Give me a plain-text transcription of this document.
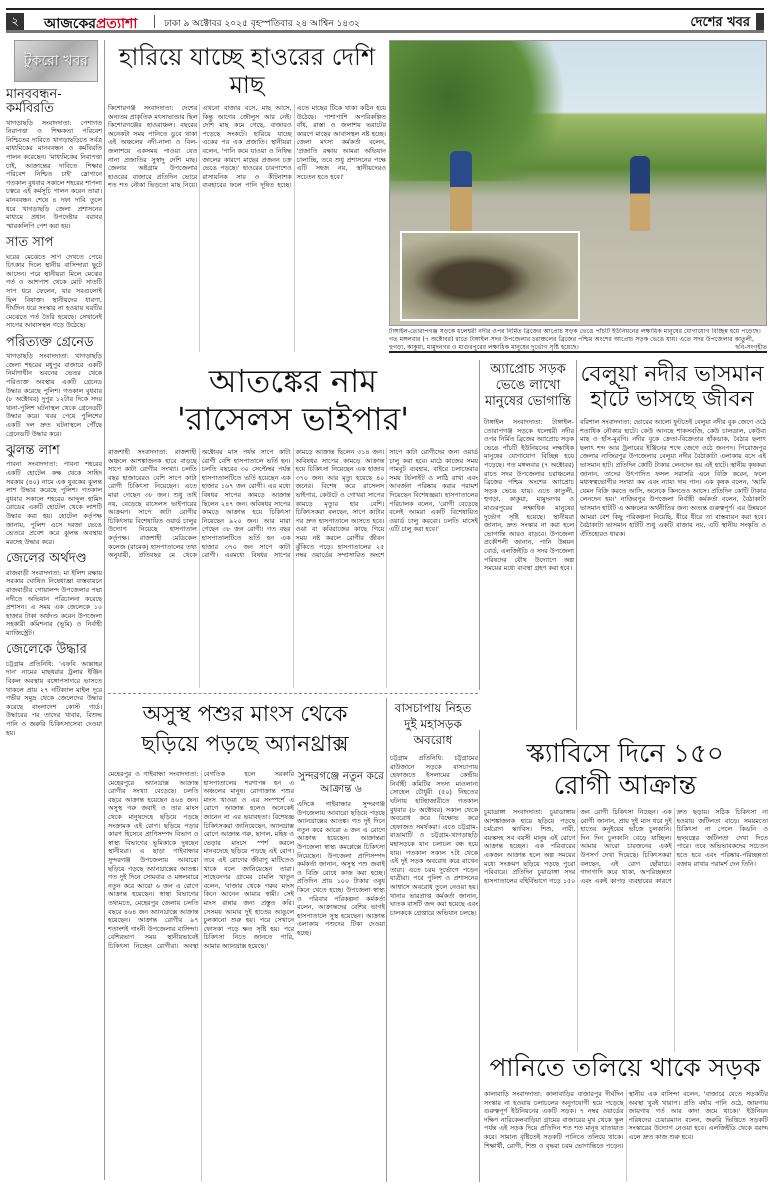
২	আজকেরপ্রত্যাশা	ঢাকা ৯ অক্টোবর ২০২৫ বৃহস্পতিবার ২৪ আশ্বিন ১৪৩২	দেশের খবর
টুকরো খবর
মানববন্ধন-কর্মবিরতি
খাগড়াছড়ি সংবাদদাতা: পেশাগত নিরাপত্তা ও শিক্ষকতা পরিবেশ নিশ্চিতের দাবিতে খাগড়াছড়িতে সর্বত্র মাধ্যমিকের মানববন্ধন ও কর্মবিরতি পালন করেছেন। 'মাধ্যমিকের নিরাপত্তা চাই, আক্রান্তের দাবিতে শিক্ষার পরিবেশ নিশ্চিত চাই' স্লোগানে গতকাল বুধবার সকালে শহরের শাপলা চত্বরে এই কর্মসূচি পালন করেন তারা। মানববন্ধন শেষে ৪ দফা দাবি তুলে ধরে খাগড়াছড়ি জেলা প্রশাসনের মাধ্যমে প্রধান উপদেষ্টার বরাবর স্মারকলিপি পেশ করা হয়।
সাত সাপ
ঘরের মেঝেতে সাপ দেখতে পেয়ে চিৎকার দিলে স্থানীয় বাসিন্দারা ছুটে আসেন। পরে স্থানীয়রা মিলে মেঝের গর্ত ও আশপাশ থেকে মোট সাতটি সাপ ধরে ফেলেন, যার সবগুলোই ছিল বিষাক্ত। স্থানীয়দের ধারণা, দীর্ঘদিন ধরে সংস্কার না হওয়ায় ঘরটির মেঝেতে গর্ত তৈরি হয়েছে। সেখানেই সাপের আবাসস্থল গড়ে উঠেছে।
পরিত্যক্ত গ্রেনেড
খাগড়াছড়ি সংবাদদাতা: খাগড়াছড়ি জেলা শহরের মধুপুর বাজারে একটি নির্মাণাধীন ভবনের ভেতর থেকে পরিত্যক্ত অবস্থায় একটি গ্রেনেড উদ্ধার করেছে পুলিশ। গতকাল বুধবার (৮ অক্টোবর) দুপুর ১২টার দিকে সদর থানা-পুলিশ ঘটনাস্থল থেকে গ্রেনেডটি উদ্ধার করে। খবর পেয়ে পুলিশের একটি দল দ্রুত ঘটনাস্থলে পৌঁছে গ্রেনেডটি উদ্ধার করে।
ঝুলন্ত লাশ
পাবনা সংবাদদাতা: পাবনা শহরের একটি হোটেল কক্ষ থেকে সাহিদ সরকার (৪০) নামে এক যুবকের ঝুলন্ত লাশ উদ্ধার করেছে পুলিশ। গতকাল বুধবার সকালে শহরের আব্দুল হামিদ রোডের একটি হোটেল থেকে লাশটি উদ্ধার করা হয়। হোটেল কর্তৃপক্ষ জানায়, পুলিশ এসে দরজা ভেঙে ভেতরে প্রবেশ করে ঝুলন্ত অবস্থায় মরদেহ উদ্ধার করে।
জেলের অর্থদণ্ড
রাজবাড়ী সংবাদদাতা: মা ইলিশ রক্ষায় সরকার ঘোষিত নিষেধাজ্ঞা বাস্তবায়নে রাজবাড়ীর গোয়ালন্দ উপজেলার পদ্মা নদীতে অভিযান পরিচালনা করেছে প্রশাসন। এ সময় এক জেলেকে ১০ হাজার টাকা অর্থদণ্ড করেন উপজেলা সহকারী কমিশনার (ভূমি) ও নির্বাহী ম্যাজিস্ট্রেট।
জেলেকে উদ্ধার
চট্টগ্রাম প্রতিনিধি: 'এফবি আল্লাহর দান' নামের মাছধরার ট্রলার ইঞ্জিন বিকল অবস্থায় বঙ্গোপসাগরে ভাসতে থাকলে প্রায় ২৭ নটিক্যাল মাইল দূরে গভীর সমুদ্র থেকে জেলেদের উদ্ধার করেছে বাংলাদেশ কোস্ট গার্ড। উদ্ধারের পর তাদের খাবার, বিশুদ্ধ পানি ও জরুরি চিকিৎসাসেবা দেওয়া হয়।
হারিয়ে যাচ্ছে হাওরের দেশি মাছ
কিশোরগঞ্জ সংবাদদাতা: দেশের অন্যতম প্রাকৃতিক মৎস্যভাণ্ডার ছিল কিশোরগঞ্জের হাওরাঞ্চল। বছরের অনেকটা সময় পানিতে ডুবে থাকা এই অঞ্চলের নদী-নালা ও বিল-জলাশয়ে একসময় পাওয়া যেত নানা প্রজাতির সুস্বাদু দেশি মাছ। জেলার অষ্টগ্রাম উপজেলার হাওরের বাজারে প্রতিদিন ভোরে শত শত নৌকা ভিড়তো মাছ নিয়ে। এখনো বাজার বসে, মাছ আসে, কিন্তু আগের জৌলুস আর নেই। দেশি মাছ কমে গেছে, বাজারও পড়েছে সংকটে। হারিয়ে যাচ্ছে একের পর এক প্রজাতি। স্থানীয়রা বলেন, 'পানি কমে যাওয়া ও নিষিদ্ধ জালের কারণে মাছের প্রজনন চক্র ভেঙে পড়ছে।' হাওরের চারপাশেও রাসায়নিক সার ও কীটনাশক ব্যবহারের ফলে পানি দূষিত হচ্ছে। এতে মাছের টিকে থাকা কঠিন হয়ে উঠেছে। পাশাপাশি অপরিকল্পিত বাঁধ, রাস্তা ও জলাশয় ভরাটের কারণে মাছের আবাসস্থল নষ্ট হচ্ছে। জেলা মৎস্য কর্মকর্তা বলেন, 'প্রজাতি রক্ষায় আমরা অভিযান চালাচ্ছি, তবে শুধু প্রশাসনের পক্ষে এটি সহজ নয়, স্থানীয়দেরও সচেতন হতে হবে।'
টাঙ্গাইল-তোরাপগঞ্জ সড়কে ধলেশ্বরী নদীর ওপর নির্মিত ব্রিজের আপ্রোচ সড়ক ভেঙে পাঁচটি ইউনিয়নের লক্ষাধিক মানুষের যোগাযোগ বিচ্ছিন্ন হয়ে পড়েছে। গত মঙ্গলবার (৭ অক্টোবর) রাতে টাঙ্গাইল সদর উপজেলার চরাঞ্চলের ব্রিজের পশ্চিম অংশের আপ্রোচ সড়ক ভেঙে যায়। এতে সদর উপজেলার কাতুলী, হুগড়া, কাকুয়া, মামুদনগর ও মাগুরপুরের লক্ষাধিক মানুষের দুর্ভোগ সৃষ্টি হয়েছে।	ছবি-সংগৃহীত
আতঙ্কের নাম
'রাসেলস ভাইপার'
রাজশাহী সংবাদদাতা: রাজশাহী অঞ্চলে আশঙ্কাজনক হারে বাড়ছে সাপে কাটা রোগীর সংখ্যা। চলতি বছর হাজারেরও বেশি সাপে কাটা রোগী চিকিৎসা নিয়েছেন। এতে মারা গেছেন ৩৮ জন। শুধু তাই নয়, বেড়েছে রাসেলস ভাইপারের আক্রমণ। সাপে কাটা রোগীর চিকিৎসায় বিশেষায়িত ওয়ার্ড চালুর উদ্যোগ নিয়েছে হাসপাতাল কর্তৃপক্ষ। রাজশাহী মেডিকেল কলেজ (রামেক) হাসপাতালের তথ্য অনুযায়ী, প্রতিবছর মে থেকে অক্টোবর মাস পর্যন্ত সাপে কাটা রোগী বেশি হাসপাতালে ভর্তি হন। চলতি বছরের ৩০ সেপ্টেম্বর পর্যন্ত হাসপাতালটিতে ভর্তি হয়েছেন এক হাজার ১৬৭ জন রোগী। এর মধ্যে বিষধর সাপের কামড়ে আক্রান্ত ছিলেন ২৪৭ জন। অবিষধর সাপের কামড়ে আক্রান্ত হয়ে চিকিৎসা নিয়েছেন ৯২০ জন। আর মারা গেছেন ৩৮ জন রোগী। গত বছর হাসপাতালটিতে ভর্তি হন এক হাজার ৩৭০ জন সাপে কাটা রোগী। এরমধ্যে বিষধর সাপের কামড়ে আক্রান্ত ছিলেন ৩১৪ জন। অবিষধর সাপের কামড়ে আক্রান্ত হয়ে চিকিৎসা নিয়েছেন এক হাজার ৩৭০ জন। আর মৃত্যু হয়েছে ৪০ জনের। বিশেষ করে রাসেলস ভাইপার, কেউটে ও গোখরা সাপের কামড়ে মৃত্যুর হার বেশি। চিকিৎসকরা বলছেন, সাপে কাটার পর দ্রুত হাসপাতালে আসতে হবে। ওঝা বা কবিরাজের কাছে গিয়ে সময় নষ্ট করলে রোগীর জীবন ঝুঁকিতে পড়ে। হাসপাতালের ২৫ নম্বর ওয়ার্ডের সম্প্রসারিত অংশে সাপে কাটা রোগীদের জন্য ওয়ার্ড চালু করা হবে। মাঠে কাজের সময় গামবুট ব্যবহার, বাইরে চলাফেরার সময় টর্চলাইট ও লাঠি রাখা এবং আবর্জনা পরিষ্কার করার পরামর্শ দিয়েছেন বিশেষজ্ঞরা। হাসপাতালের পরিচালক বলেন, 'রোগী বেড়েছে বলেই আমরা একটি বিশেষায়িত ওয়ার্ড চালু করবো। চলতি মাসেই এটি চালু করা হবে।'
অ্যাপ্রোচ সড়ক ভেঙে লাখো মানুষের ভোগান্তি
টাঙ্গাইল সংবাদদাতা: টাঙ্গাইল-তোরাপগঞ্জ সড়কে ধলেশ্বরী নদীর ওপর নির্মিত ব্রিজের অ্যাপ্রোচ সড়ক ভেঙে পাঁচটি ইউনিয়নের লক্ষাধিক মানুষের যোগাযোগ বিচ্ছিন্ন হয়ে পড়েছে। গত মঙ্গলবার (৭ অক্টোবর) রাতে সদর উপজেলার চরাঞ্চলের ব্রিজের পশ্চিম অংশের অ্যাপ্রোচ সড়ক ভেঙে যায়। এতে কাতুলী, হুগড়া, কাকুয়া, মামুদনগর ও মাগুরপুরের লক্ষাধিক মানুষের দুর্ভোগ সৃষ্টি হয়েছে। স্থানীয়রা জানান, দ্রুত সংস্কার না করা হলে ভোগান্তি আরও বাড়বে। উপজেলা প্রকৌশলী জানান, পানি উন্নয়ন বোর্ড, এলজিইডি ও সদর উপজেলা পরিষদের যৌথ উদ্যোগে অল্প সময়ের মধ্যে ব্যবস্থা গ্রহণ করা হবে।
বেলুয়া নদীর ভাসমান হাটে ভাসছে জীবন
বরিশাল সংবাদদাতা: ভোরের আলো ফুটতেই বেলুয়া নদীর বুক জেগে ওঠে শতাধিক নৌকার হাটে। কেউ আনছে শাকসবজি, কেউ চালডাল, কেউবা মাছ ও হাঁস-মুরগি। নদীর বুকে ক্রেতা-বিক্রেতার হাঁকডাক, বৈঠার ছলাৎ ছলাৎ শব্দ আর ট্রলারের ইঞ্জিনের শব্দে জেগে ওঠে জনপদ। পিরোজপুর জেলার নাজিরপুর উপজেলার বেলুয়া নদীর বৈঠাকাটা এলাকায় বসে এই ভাসমান হাট। প্রতিদিন কোটি টাকার লেনদেন হয় এই হাটে। স্থানীয় কৃষকরা জানান, তাদের উৎপাদিত ফসল সরাসরি এনে বিক্রি করেন, ফলে মধ্যস্বত্বভোগীর সংখ্যা কম এবং ন্যায্য দাম পান। এক কৃষক বলেন, 'আমি যেমন বিক্রি করতে আসি, অনেকে কিনতেও আসে। প্রতিদিন কোটি টাকার লেনদেন হয়।' নাজিরপুর উপজেলা নির্বাহী কর্মকর্তা বলেন, বৈঠাকাটা ভাসমান হাটটি এ অঞ্চলের অর্থনীতির জন্য অত্যন্ত গুরুত্বপূর্ণ। এর উন্নয়নে আমরা বেশ কিছু পরিকল্পনা নিয়েছি, ধীরে ধীরে তা বাস্তবায়ন করা হবে। বৈঠাকাটা ভাসমান হাটটি শুধু একটি বাজার নয়, এটি স্থানীয় সংস্কৃতি ও ঐতিহ্যেরও ধারক।
অসুস্থ পশুর মাংস থেকে
ছড়িয়ে পড়ছে অ্যানথ্রাক্স
মেহেরপুর ও গাইবান্ধা সংবাদদাতা: মেহেরপুরে অ্যানথ্রাক্স আক্রান্ত রোগীর সংখ্যা বেড়েছে। চলতি বছরে আক্রান্ত হয়েছেন ৪৬৪ জন। অসুস্থ গরু জবাই ও তার মাংস থেকে মানুষদেহে ছড়িয়ে পড়ছে সংক্রামক এই রোগ। ছড়িয়ে পড়ার কারণ হিসেবে প্রাণিসম্পদ বিভাগ ও স্বাস্থ্য বিভাগের ভূমিকাকে দুষছেন স্থানীয়রা। এ ছাড়া গাইবান্ধার সুন্দরগঞ্জ উপজেলায় আবারো ছড়িয়ে পড়ছে অ্যানথ্রাক্সের আতঙ্ক। গত দুই দিনে সোমবার ও মঙ্গলবারে নতুন করে আরো ৬ জন এ রোগে আক্রান্ত হয়েছেন। স্বাস্থ্য বিভাগের তথ্যমতে, মেহেরপুর জেলায় চলতি বছরে ৪৬৪ জন অ্যানথ্রাক্সে আক্রান্ত হয়েছেন। আক্রান্ত রোগীর ৯৭ শতাংশই গাংনী উপজেলার বাসিন্দা। বেশিরভাগ সময় স্থানীয়ভাবেই চিকিৎসা নিচ্ছেন রোগীরা। অবস্থা বেগতিক হলে সরকারি হাসপাতালের শরণাপন্ন হন এ অঞ্চলের মানুষ। রোগাক্রান্ত পশুর মাংস খাওয়া ও এর সংস্পর্শে এ রোগে আক্রান্ত হলেও অনেকেই জানেন না এর ভয়াবহতা। বিশেষজ্ঞ চিকিৎসকরা জানিয়েছেন, অ্যানথ্রাক্স রোগে আক্রান্ত গরু, ছাগল, মহিষ ও ভেড়ার মাংসে স্পর্শ করলে মানবদেহে ছড়িয়ে পড়ছে এই রোগ। তবে এই রোগের জীবাণু মাটিতেও থাকে বলে জানিয়েছেন তারা। সাহেবনগর গ্রামের চামলি খাতুন বলেন, 'বাজার থেকে গরুর মাংস কিনে আনেন আমার স্বামী। সেই মাংস রান্নার জন্য প্রস্তুত করি। সেসময় আমার দুই হাতের আঙুলে চুলকানো শুরু হয়। পরে সেখানে ফোসকা পড়ে ক্ষত সৃষ্টি হয়। পরে চিকিৎসা নিতে জানতে পারি, আমার অ্যানথ্রাক্স হয়েছে।'
সুন্দরগঞ্জে নতুন করে আক্রান্ত ৬
এদিকে গাইবান্ধার সুন্দরগঞ্জ উপজেলায় আবারো ছড়িয়ে পড়ছে অ্যানথ্রাক্সের আতঙ্ক। গত দুই দিনে নতুন করে আরো ৬ জন এ রোগে আক্রান্ত হয়েছেন। আক্রান্তরা উপজেলা স্বাস্থ্য কমপ্লেক্সে চিকিৎসা নিয়েছেন। উপজেলা প্রাণিসম্পদ কর্মকর্তা জানান, অসুস্থ পশু জবাই ও বিক্রি রোধে কাজ করা হচ্ছে। প্রতিদিন প্রায় ১০০ টাকার ওষুধ কিনে খেতে হচ্ছে। উপজেলা স্বাস্থ্য ও পরিবার পরিকল্পনা কর্মকর্তা বলেন, আক্রান্তদের বেশির ভাগই হাসপাতালে সুস্থ হয়েছেন। আক্রান্ত এলাকায় পশুদের টিকা দেওয়া হচ্ছে।
বাসচাপায় নিহত দুই মহাসড়ক অবরোধ
চট্টগ্রাম প্রতিনিধি: চট্টগ্রামের রাউজানে সড়কে বাসচাপায় হেফাজতে ইসলামের কেন্দ্রীয় নির্বাহী কমিটির সদস্য মাওলানা সোহেল চৌধুরী (৫০) নিহতের ঘটনায় হাটহাজারীতে গতকাল বুধবার (৮ অক্টোবর) সকাল থেকে অবরোধ করে বিক্ষোভ করে হেফাজত সমর্থকরা। এতে চট্টগ্রাম-রাঙামাটি ও চট্টগ্রাম-খাগড়াছড়ি মহাসড়কে যান চলাচল বন্ধ হয়ে যায়। গতকাল সকাল ৭টা থেকে এই দুই সড়ক অবরোধ করে রাখেন তারা। এতে চরম দুর্ভোগে পড়েন যাত্রীরা। পরে পুলিশ ও প্রশাসনের আশ্বাসে অবরোধ তুলে নেওয়া হয়। থানার ভারপ্রাপ্ত কর্মকর্তা জানান, ঘাতক বাসটি জব্দ করা হয়েছে এবং চালককে গ্রেপ্তারে অভিযান চলছে।
স্ক্যাবিসে দিনে ১৫০
রোগী আক্রান্ত
চুয়াডাঙ্গা সংবাদদাতা: চুয়াডাঙ্গায় আশঙ্কাজনক হারে ছড়িয়ে পড়ছে চর্মরোগ স্ক্যাবিস। শিশু, নারী, বয়স্কসহ সব বয়সী মানুষ এই রোগে আক্রান্ত হচ্ছেন। এক পরিবারের একজন আক্রান্ত হলে অল্প সময়ের মধ্যে সংক্রমণ ছড়িয়ে পড়ছে পুরো পরিবারে। প্রতিদিন চুয়াডাঙ্গা সদর হাসপাতালের বহির্বিভাগে গড়ে ১৫০ জন রোগী চিকিৎসা নিচ্ছেন। এক রোগী জানান, প্রায় দুই মাস ধরে দুই হাতের কনুইয়ের ভাঁজে চুলকানি। দিন দিন চুলকানি বেড়ে যাচ্ছিল। আমার আরো চারজনের একই উপসর্গ দেখা দিয়েছে। চিকিৎসকরা বলছেন, এই রোগ ছোঁয়াচে। গাদাগাদি করে থাকা, অপরিচ্ছন্নতা এবং একই কাপড় ব্যবহারের কারণে দ্রুত ছড়ায়। সঠিক চিকিৎসা না হওয়ায় জটিলতা বাড়ে। সময়মতো চিকিৎসা না পেলে কিডনি ও হৃদ্‌যন্ত্রের জটিলতা দেখা দিতে পারে। তবে অভিভাবকদের সচেতন হতে হবে এবং পরিষ্কার-পরিচ্ছন্নতা বজায় রাখার পরামর্শ দেন তিনি।
পানিতে তলিয়ে থাকে সড়ক
কালাবাড়ি সংবাদদাতা: কালাবাড়ির বাজারপুর দীর্ঘদিন সংস্কার না হওয়ায় চলাচলের অনুপযোগী হয়ে পড়েছে গুরুত্বপূর্ণ ইউনিয়নের একটি সড়ক। ৭ নম্বর ওয়ার্ডের দক্ষিণ নারিকেলবাড়িয়া গ্রামের বাজারের মুখ থেকে স্কুল পর্যন্ত এই সড়ক দিয়ে প্রতিদিন শত শত মানুষ যাতায়াত করে। সামান্য বৃষ্টিতেই সড়কটি পানিতে তলিয়ে থাকে। শিক্ষার্থী, রোগী, শিশু ও বৃদ্ধরা চরম ভোগান্তিতে পড়েন। স্থানীয় এক বাসিন্দা বলেন, 'বাজারে যেতে সড়কটির অবস্থা খুবই খারাপ। প্রতি বর্ষায় পানি ওঠে, জায়গায় জায়গায় গর্ত আর কাদা জমে থাকে।' ইউনিয়ন পরিষদের চেয়ারম্যান বলেন, জরুরি ভিত্তিতে সড়কটি সংস্কারের উদ্যোগ নেওয়া হবে। এলজিইডি থেকে বরাদ্দ এলে দ্রুত কাজ শুরু হবে।
